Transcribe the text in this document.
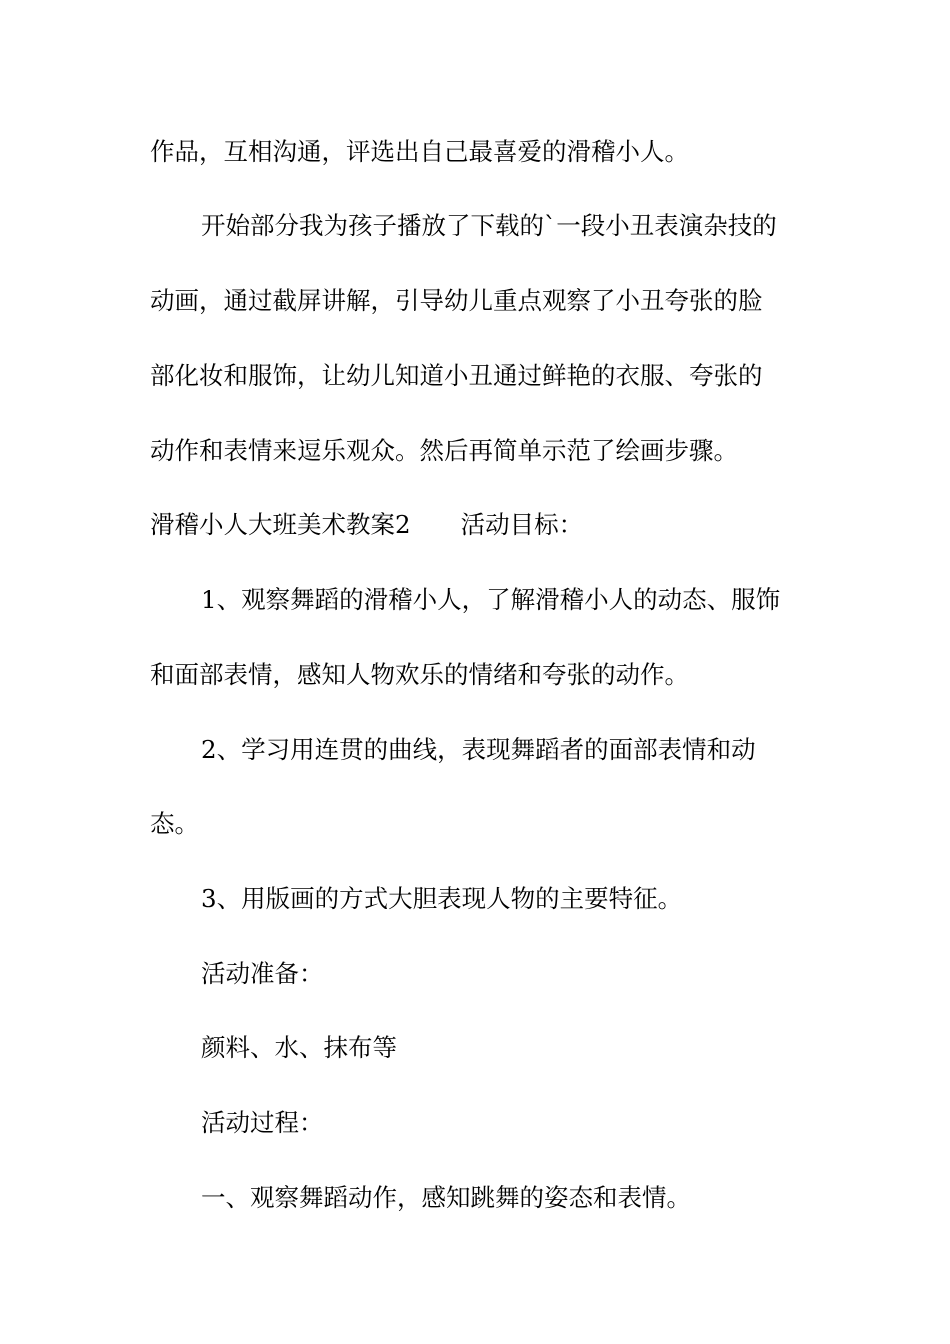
作品，互相沟通，评选出自己最喜爱的滑稽小人。
开始部分我为孩子播放了下载的`一段小丑表演杂技的
动画，通过截屏讲解，引导幼儿重点观察了小丑夸张的脸
部化妆和服饰，让幼儿知道小丑通过鲜艳的衣服、夸张的
动作和表情来逗乐观众。然后再简单示范了绘画步骤。
滑稽小人大班美术教案2 活动目标：
1、观察舞蹈的滑稽小人，了解滑稽小人的动态、服饰
和面部表情，感知人物欢乐的情绪和夸张的动作。
2、学习用连贯的曲线，表现舞蹈者的面部表情和动
态。
3、用版画的方式大胆表现人物的主要特征。
活动准备：
颜料、水、抹布等
活动过程：
一、观察舞蹈动作，感知跳舞的姿态和表情。
